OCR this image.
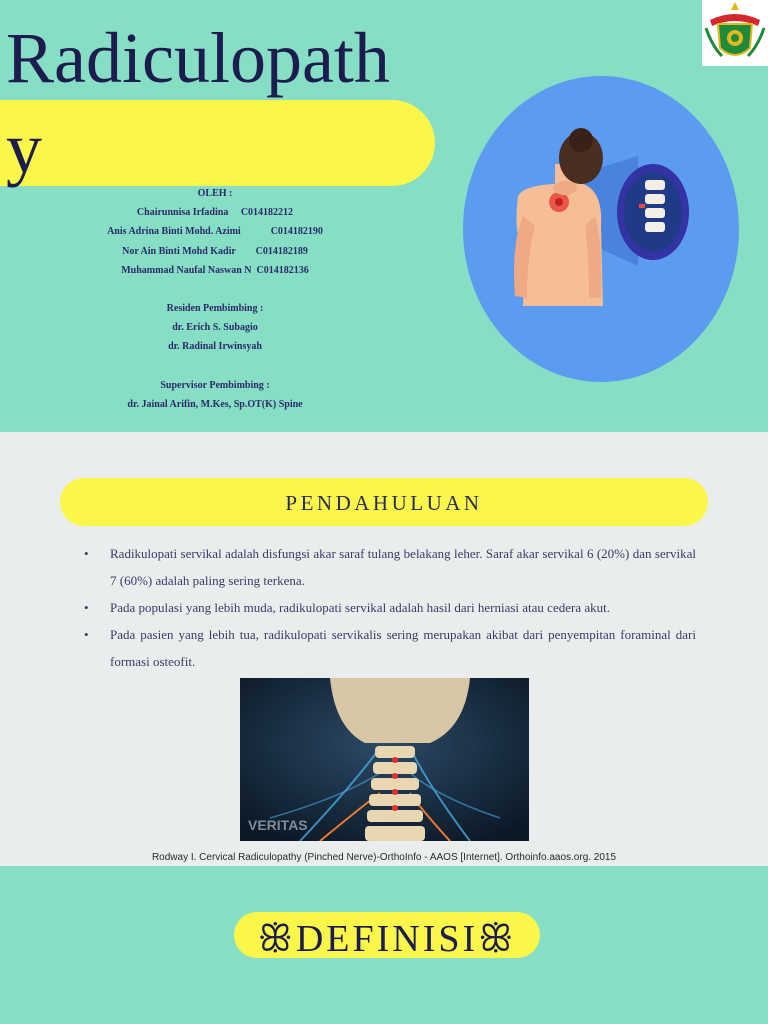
Radiculopath
y
OLEH :
Chairunnisa Irfadina     C014182212
Anis Adrina Binti Mohd. Azimi            C014182190
Nor Ain Binti Mohd Kadir        C014182189
Muhammad Naufal Naswan N  C014182136
Residen Pembimbing :
dr. Erich S. Subagio
dr. Radinal Irwinsyah
Supervisor Pembimbing :
dr. Jainal Arifin, M.Kes, Sp.OT(K) Spine
PENDAHULUAN
• Radikulopati servikal adalah disfungsi akar saraf tulang belakang leher. Saraf akar servikal 6 (20%) dan servikal 7 (60%) adalah paling sering terkena.
• Pada populasi yang lebih muda, radikulopati servikal adalah hasil dari herniasi atau cedera akut.
• Pada pasien yang lebih tua, radikulopati servikalis sering merupakan akibat dari penyempitan foraminal dari formasi osteofit.
VERITAS
Rodway I. Cervical Radiculopathy (Pinched Nerve)-OrthoInfo - AAOS [Internet]. Orthoinfo.aaos.org. 2015
ꕥDEFINISIꕥ
